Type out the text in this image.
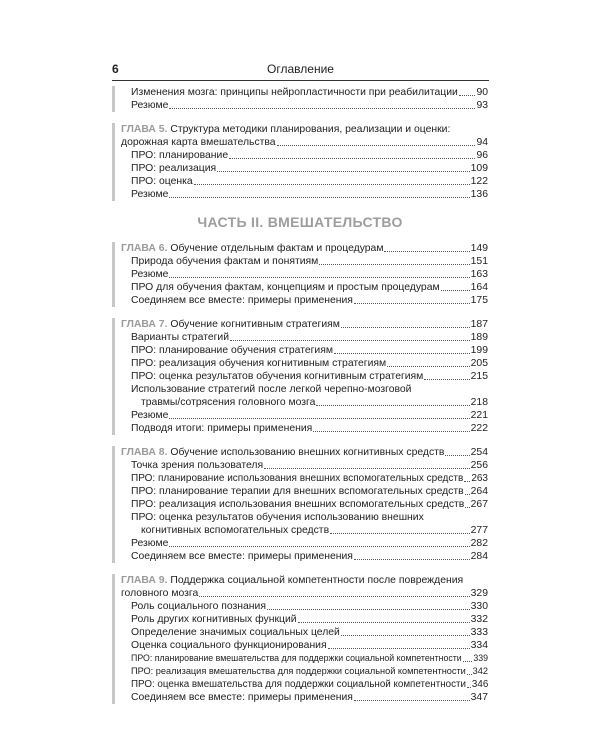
6	Оглавление
Изменения мозга: принципы нейропластичности при реабилитации 90
Резюме	93
ГЛАВА 5. Структура методики планирования, реализации и оценки:
дорожная карта вмешательства	94
ПРО: планирование	96
ПРО: реализация	109
ПРО: оценка	122
Резюме	136
ЧАСТЬ II. ВМЕШАТЕЛЬСТВО
ГЛАВА 6. Обучение отдельным фактам и процедурам	149
Природа обучения фактам и понятиям	151
Резюме	163
ПРО для обучения фактам, концепциям и простым процедурам	164
Соединяем все вместе: примеры применения	175
ГЛАВА 7. Обучение когнитивным стратегиям	187
Варианты стратегий	189
ПРО: планирование обучения стратегиям	199
ПРО: реализация обучения когнитивным стратегиям	205
ПРО: оценка результатов обучения когнитивным стратегиям	215
Использование стратегий после легкой черепно-мозговой
травмы/сотрясения головного мозга	218
Резюме	221
Подводя итоги: примеры применения	222
ГЛАВА 8. Обучение использованию внешних когнитивных средств	254
Точка зрения пользователя	256
ПРО: планирование использования внешних вспомогательных средств 263
ПРО: планирование терапии для внешних вспомогательных средств 264
ПРО: реализация использования внешних вспомогательных средств 267
ПРО: оценка результатов обучения использованию внешних
когнитивных вспомогательных средств	277
Резюме	282
Соединяем все вместе: примеры применения	284
ГЛАВА 9. Поддержка социальной компетентности после повреждения
головного мозга	329
Роль социального познания	330
Роль других когнитивных функций	332
Определение значимых социальных целей	333
Оценка социального функционирования	334
ПРО: планирование вмешательства для поддержки социальной компетентности 339
ПРО: реализация вмешательства для поддержки социальной компетентности 342
ПРО: оценка вмешательства для поддержки социальной компетентности 346
Соединяем все вместе: примеры применения	347
